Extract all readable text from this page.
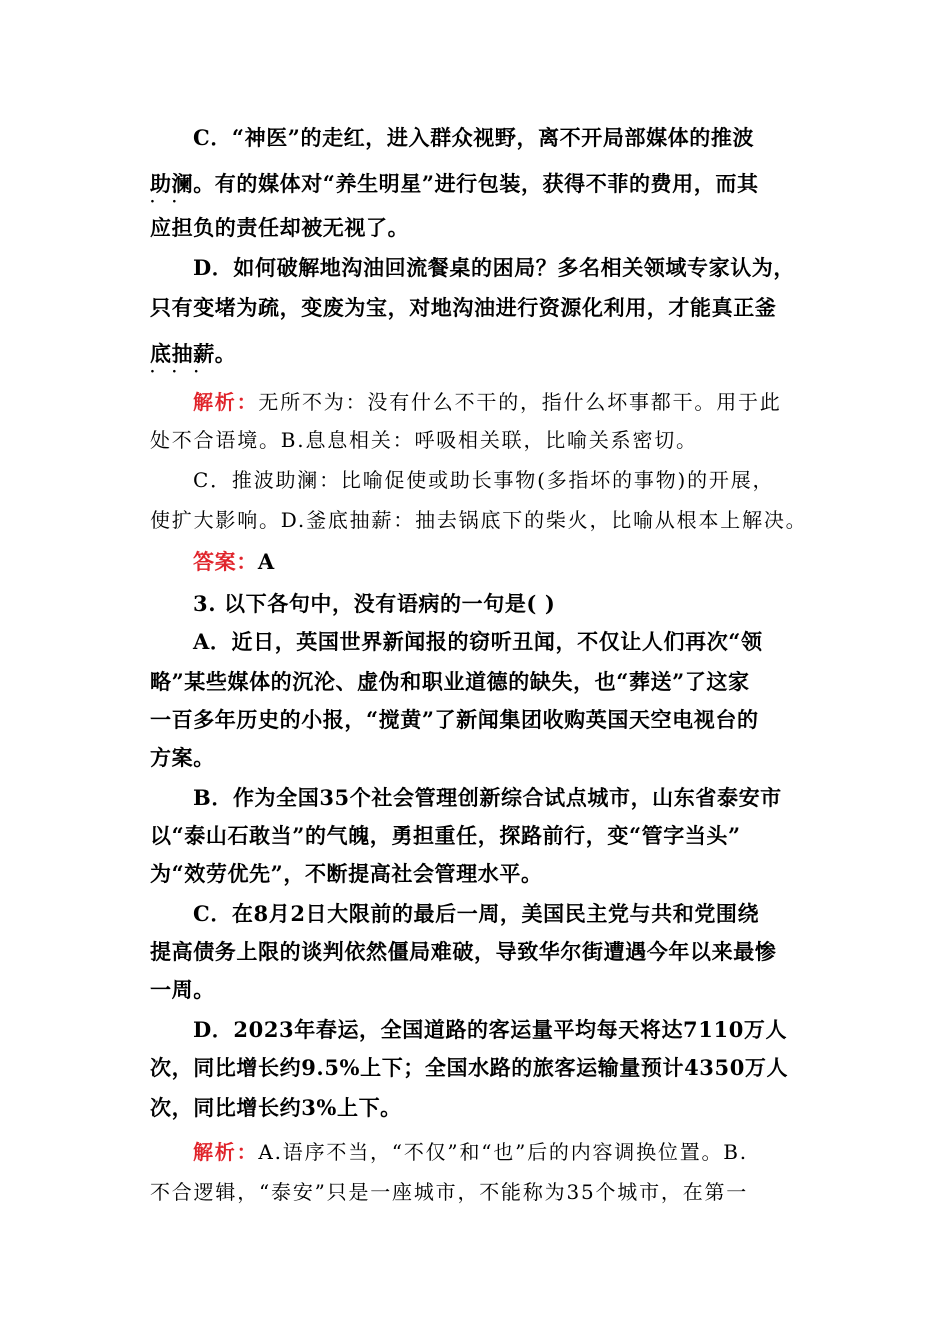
C．“神医”的走红，进入群众视野，离不开局部媒体的推波
助澜。有的媒体对“养生明星”进行包装，获得不菲的费用，而其
·   ·
应担负的责任却被无视了。
D．如何破解地沟油回流餐桌的困局？多名相关领域专家认为，
只有变堵为疏，变废为宝，对地沟油进行资源化利用，才能真正釜
底抽薪。
·   ·   ·
解析：无所不为：没有什么不干的，指什么坏事都干。用于此
处不合语境。B.息息相关：呼吸相关联，比喻关系密切。
C．推波助澜：比喻促使或助长事物(多指坏的事物)的开展，
使扩大影响。D.釜底抽薪：抽去锅底下的柴火，比喻从根本上解决。
答案：A
3. 以下各句中，没有语病的一句是( )
A．近日，英国世界新闻报的窃听丑闻，不仅让人们再次“领
略”某些媒体的沉沦、虚伪和职业道德的缺失，也“葬送”了这家
一百多年历史的小报，“搅黄”了新闻集团收购英国天空电视台的
方案。
B．作为全国35个社会管理创新综合试点城市，山东省泰安市
以“泰山石敢当”的气魄，勇担重任，探路前行，变“管字当头”
为“效劳优先”，不断提高社会管理水平。
C．在8月2日大限前的最后一周，美国民主党与共和党围绕
提高债务上限的谈判依然僵局难破，导致华尔街遭遇今年以来最惨
一周。
D．2023年春运，全国道路的客运量平均每天将达7110万人
次，同比增长约9.5%上下；全国水路的旅客运输量预计4350万人
次，同比增长约3%上下。
解析：A.语序不当，“不仅”和“也”后的内容调换位置。B.
不合逻辑，“泰安”只是一座城市，不能称为35个城市，在第一
